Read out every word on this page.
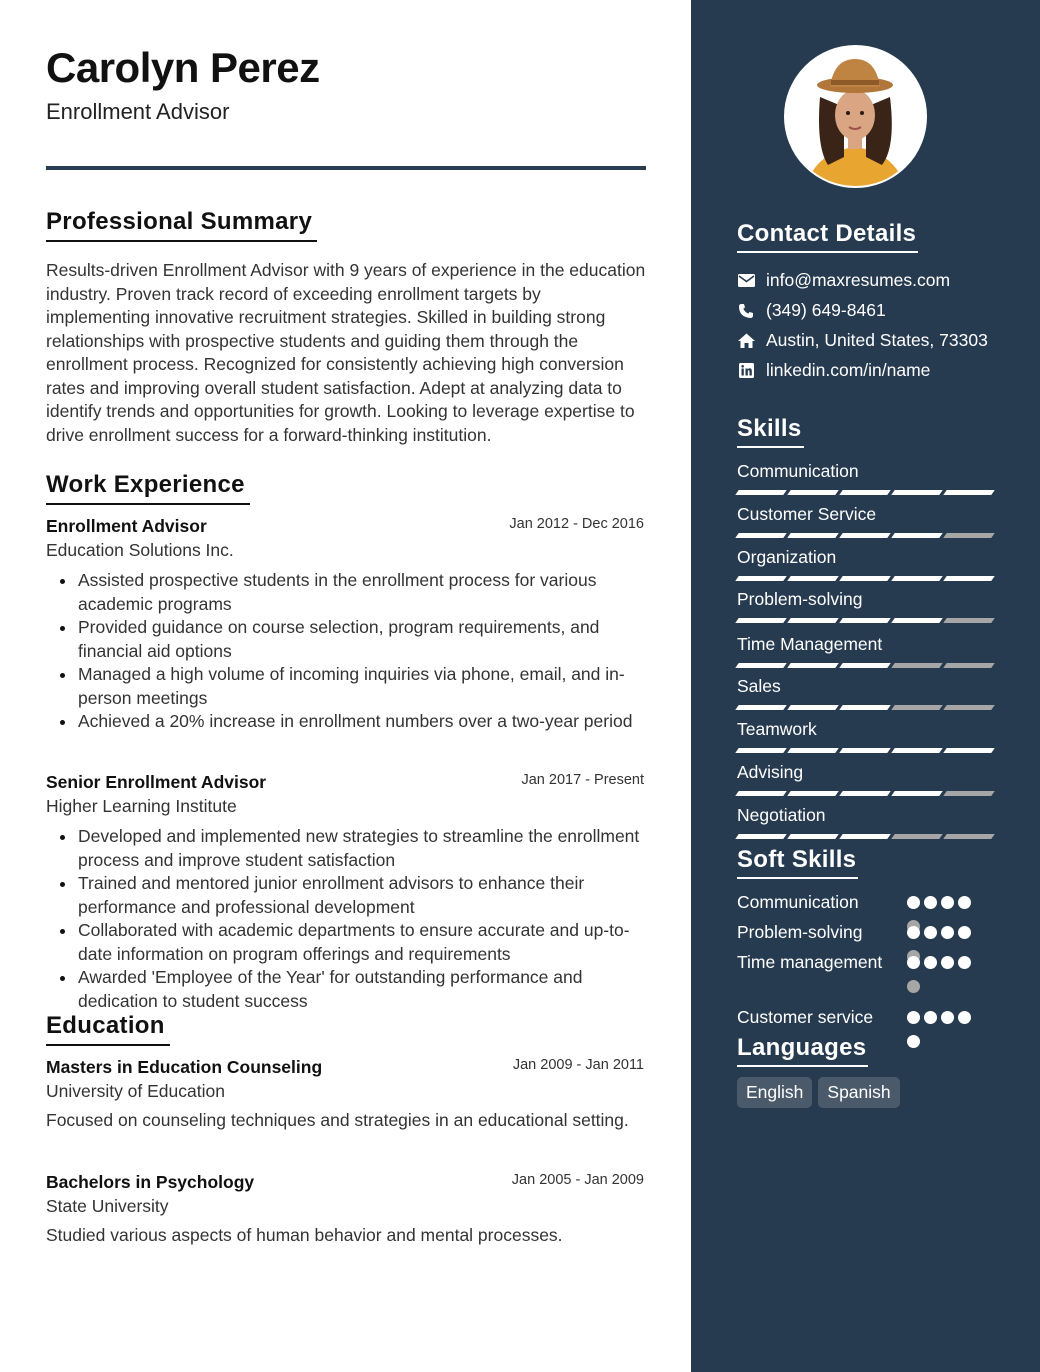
Carolyn Perez
Enrollment Advisor
Professional Summary
Results-driven Enrollment Advisor with 9 years of experience in the education industry. Proven track record of exceeding enrollment targets by implementing innovative recruitment strategies. Skilled in building strong relationships with prospective students and guiding them through the enrollment process. Recognized for consistently achieving high conversion rates and improving overall student satisfaction. Adept at analyzing data to identify trends and opportunities for growth. Looking to leverage expertise to drive enrollment success for a forward-thinking institution.
Work Experience
Enrollment Advisor	Jan 2012 - Dec 2016
Education Solutions Inc.
Assisted prospective students in the enrollment process for various academic programs
Provided guidance on course selection, program requirements, and financial aid options
Managed a high volume of incoming inquiries via phone, email, and in-person meetings
Achieved a 20% increase in enrollment numbers over a two-year period
Senior Enrollment Advisor	Jan 2017 - Present
Higher Learning Institute
Developed and implemented new strategies to streamline the enrollment process and improve student satisfaction
Trained and mentored junior enrollment advisors to enhance their performance and professional development
Collaborated with academic departments to ensure accurate and up-to-date information on program offerings and requirements
Awarded 'Employee of the Year' for outstanding performance and dedication to student success
Education
Masters in Education Counseling	Jan 2009 - Jan 2011
University of Education
Focused on counseling techniques and strategies in an educational setting.
Bachelors in Psychology	Jan 2005 - Jan 2009
State University
Studied various aspects of human behavior and mental processes.
Contact Details
info@maxresumes.com
(349) 649-8461
Austin, United States, 73303
linkedin.com/in/name
Skills
Communication
Customer Service
Organization
Problem-solving
Time Management
Sales
Teamwork
Advising
Negotiation
Soft Skills
Communication
Problem-solving
Time management
Customer service
Languages
English	Spanish
